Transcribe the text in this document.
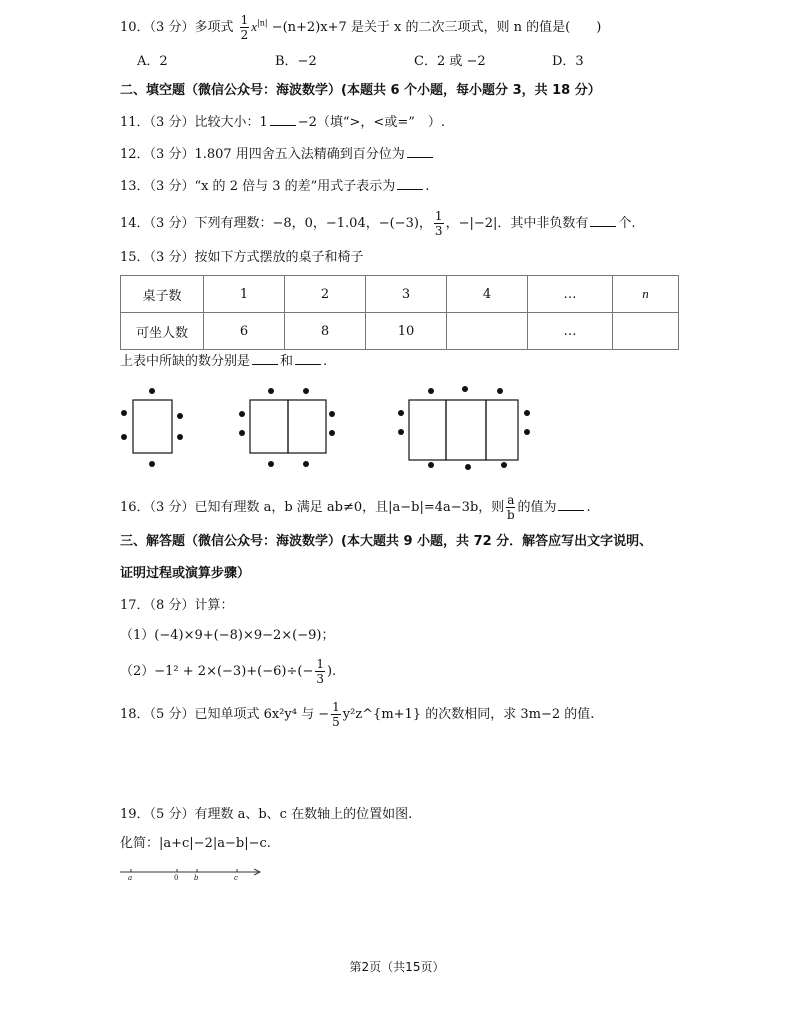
10．（3 分）多项式 $\frac{1}{2} x^{|n|} -(n+2)x+7$ 是关于 x 的二次三项式，则 n 的值是(　　)
A．2	B．−2	C．2 或 −2	D．3
二、填空题（微信公众号：海波数学）(本题共 6 个小题，每小题分 3，共 18 分）
11．（3 分）比较大小：1 −2（填“>，<或=”　）.
12．（3 分）1.807 用四舍五入法精确到百分位为
13．（3 分）“x 的 2 倍与 3 的差”用式子表示为 .
14．（3 分）下列有理数：−8，0，−1.04，−(−3)， $\frac{1}{3}$ ，−|−2|．其中非负数有 个.
15．（3 分）按如下方式摆放的桌子和椅子
桌子数	1	2	3	4	…	n
可坐人数	6	8	10		…	
上表中所缺的数分别是 和 .
a	0 b	c
16．（3 分）已知有理数 a，b 满足 ab≠0，且|a−b|=4a−3b，则 $\frac{a}{b}$ 的值为 .
三、解答题（微信公众号：海波数学）(本大题共 9 小题，共 72 分．解答应写出文字说明、
证明过程或演算步骤）
17．（8 分）计算：
（1）(−4)×9+(−8)×9−2×(−9)；
$(2)-1^2 + 2\times(-3)+(-6)\div(- \frac{1}{3}$ ).
18．（5 分）已知单项式 6x²y⁴ 与 − $\frac{1}{5}$ y²z^{m+1} 的次数相同，求 3m−2 的值.
19．（5 分）有理数 a、b、c 在数轴上的位置如图.
化简：|a+c|−2|a−b|−c.
第2页（共15页）
